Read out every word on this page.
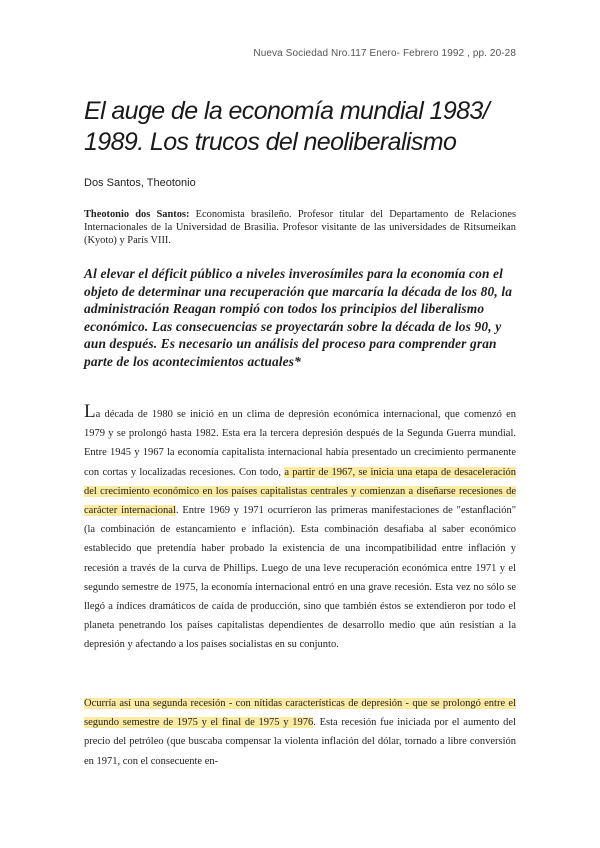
Nueva Sociedad Nro.117 Enero- Febrero 1992 , pp. 20-28
El auge de la economía mundial 1983/ 1989. Los trucos del neoliberalismo
Dos Santos, Theotonio

Theotonio dos Santos: Economista brasileño. Profesor titular del Departamento de Relaciones Internacionales de la Universidad de Brasilia. Profesor visitante de las universidades de Ritsumeikan (Kyoto) y París VIII.

Al elevar el déficit público a niveles inverosímiles para la economía con el objeto de determinar una recuperación que marcaría la década de los 80, la administración Reagan rompió con todos los principios del liberalismo económico. Las consecuencias se proyectarán sobre la década de los 90, y aun después. Es necesario un análisis del proceso para comprender gran parte de los acontecimientos actuales*

La década de 1980 se inició en un clima de depresión económica internacional, que comenzó en 1979 y se prolongó hasta 1982. Esta era la tercera depresión después de la Segunda Guerra mundial. Entre 1945 y 1967 la economía capitalista internacional había presentado un crecimiento permanente con cortas y localizadas recesiones. Con todo, a partir de 1967, se inicia una etapa de desaceleración del crecimiento económico en los países capitalistas centrales y comienzan a diseñarse recesiones de carácter internacional. Entre 1969 y 1971 ocurrieron las primeras manifestaciones de "estanflación" (la combinación de estancamiento e inflación). Esta combinación desafiaba al saber económico establecido que pretendía haber probado la existencia de una incompatibilidad entre inflación y recesión a través de la curva de Phillips. Luego de una leve recuperación económica entre 1971 y el segundo semestre de 1975, la economía internacional entró en una grave recesión. Esta vez no sólo se llegó a índices dramáticos de caída de producción, sino que también éstos se extendieron por todo el planeta penetrando los países capitalistas dependientes de desarrollo medio que aún resistían a la depresión y afectando a los países socialistas en su conjunto.

Ocurría así una segunda recesión - con nítidas características de depresión - que se prolongó entre el segundo semestre de 1975 y el final de 1975 y 1976. Esta recesión fue iniciada por el aumento del precio del petróleo (que buscaba compensar la violenta inflación del dólar, tornado a libre conversión en 1971, con el consecuente en-
